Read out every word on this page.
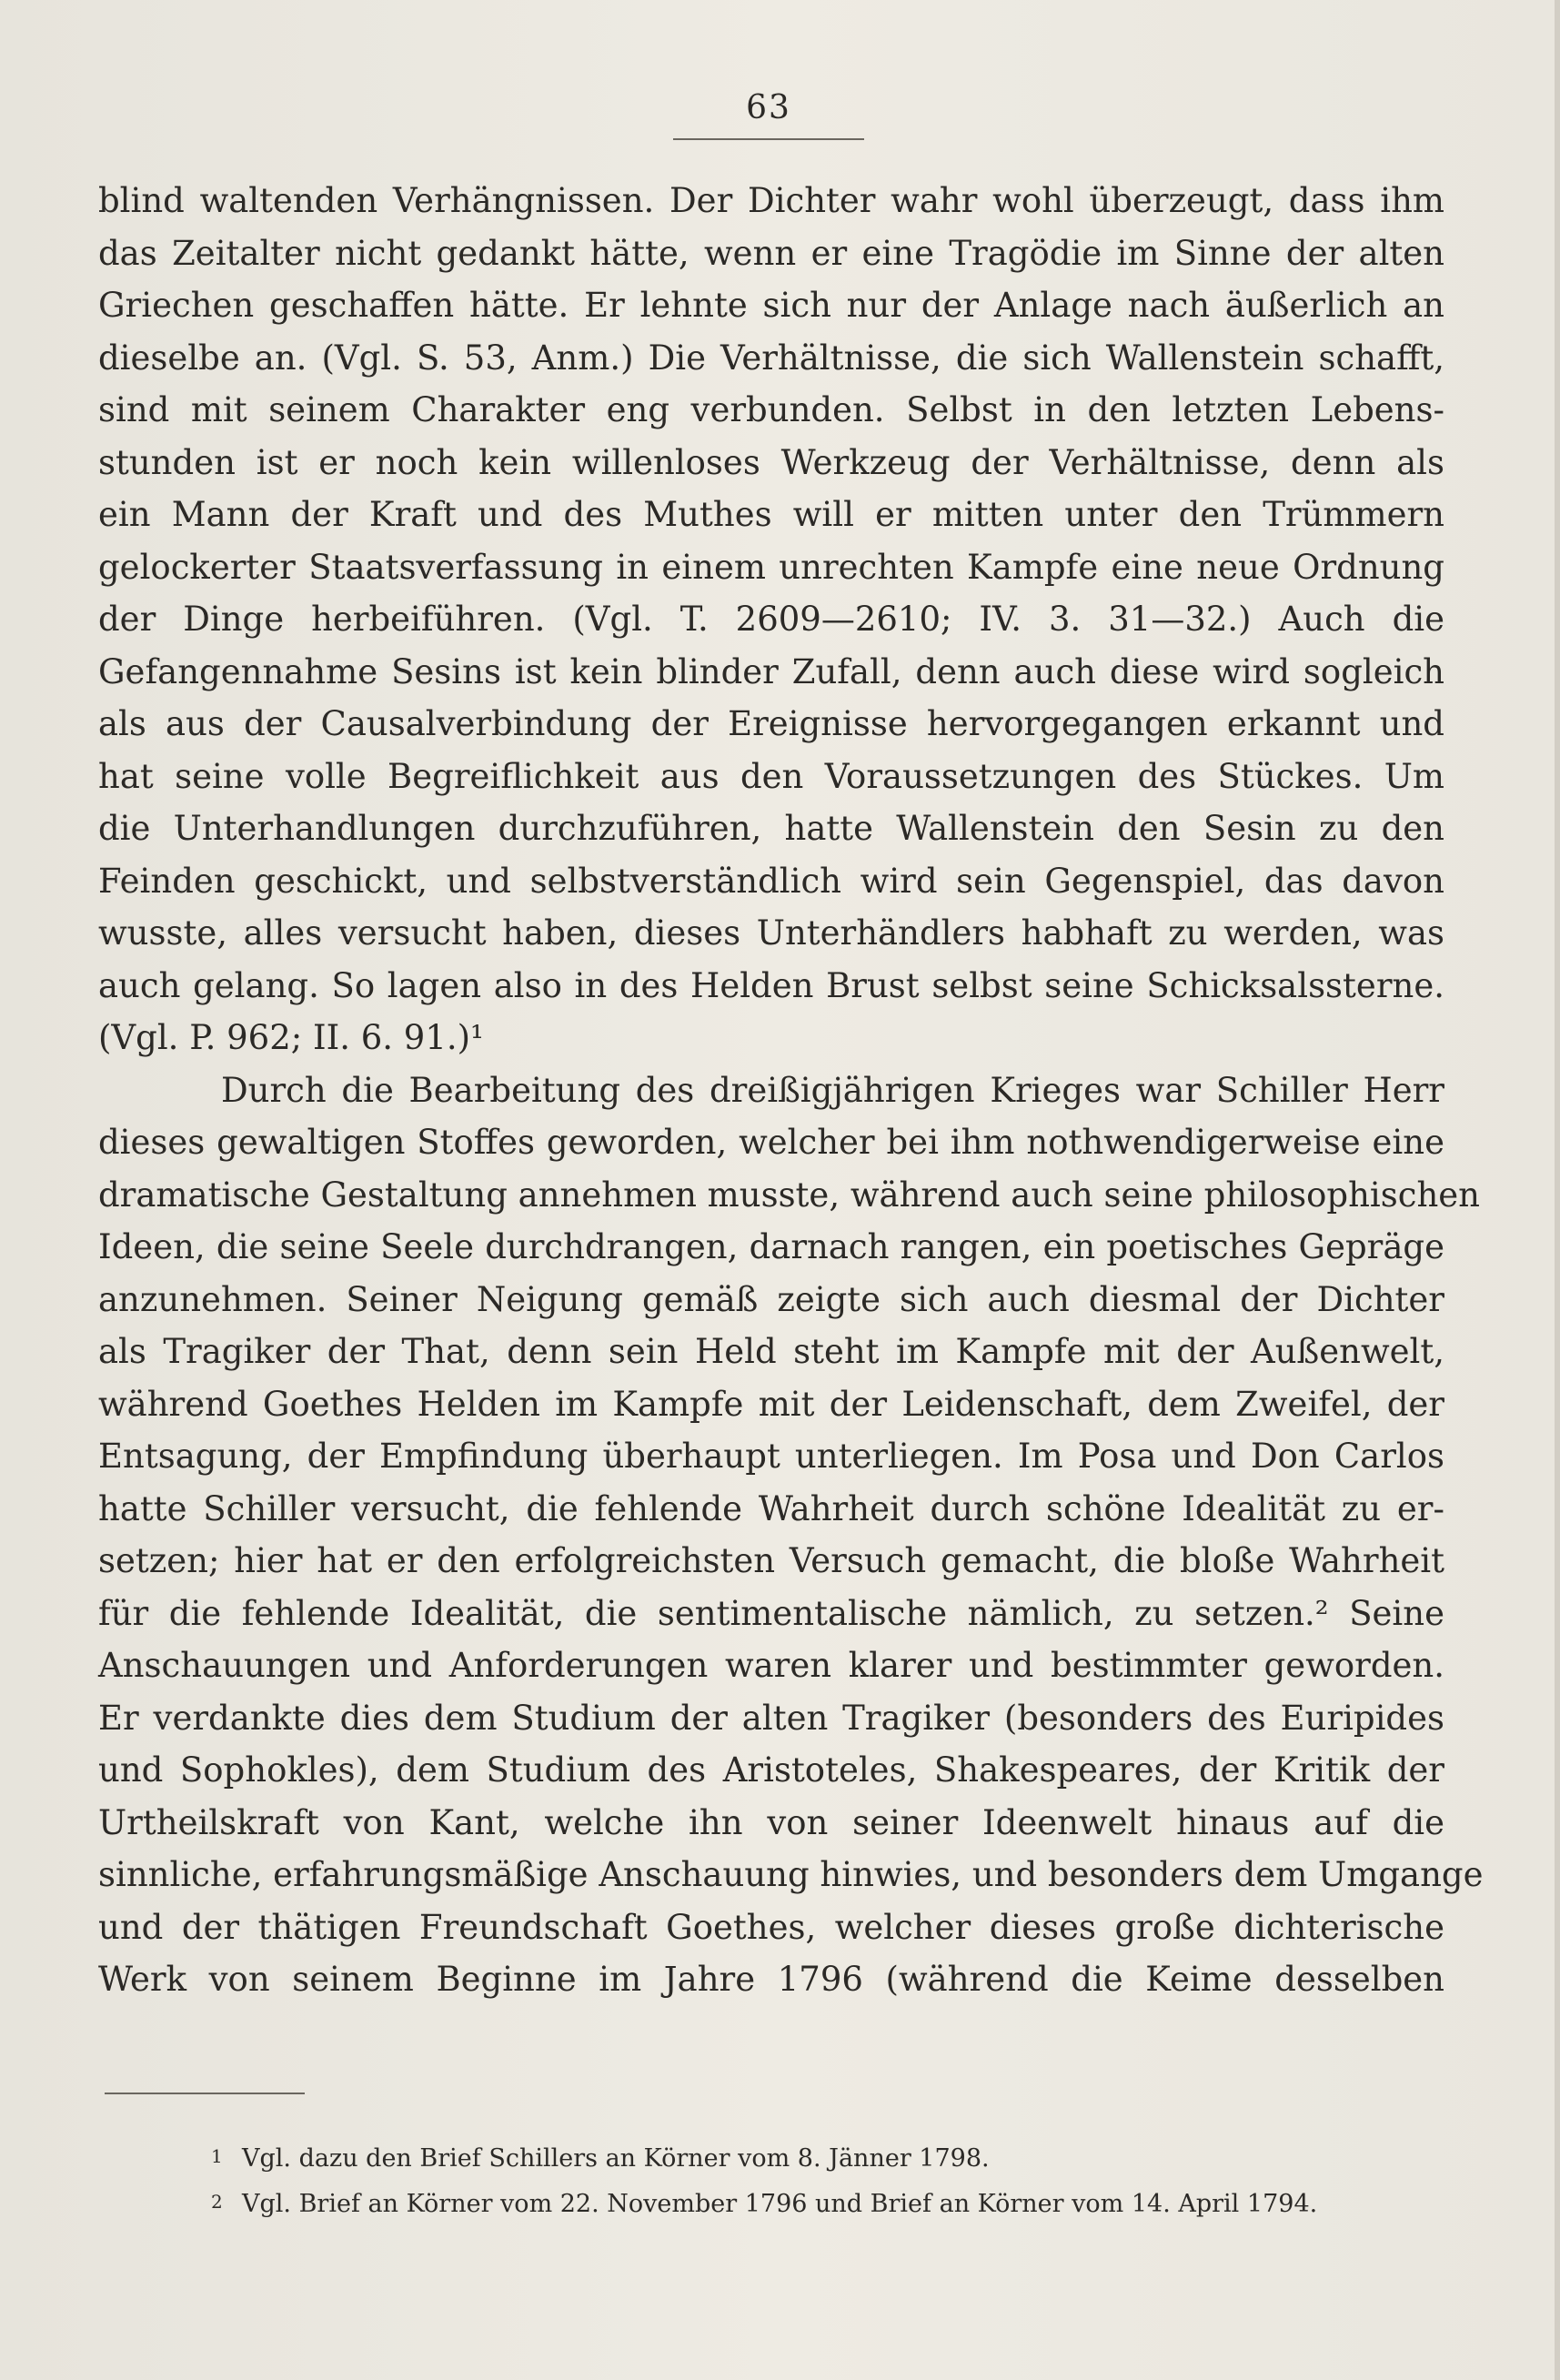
63
blind waltenden Verhängnissen. Der Dichter wahr wohl überzeugt, dass ihm
das Zeitalter nicht gedankt hätte, wenn er eine Tragödie im Sinne der alten
Griechen geschaffen hätte. Er lehnte sich nur der Anlage nach äußerlich an
dieselbe an. (Vgl. S. 53, Anm.) Die Verhältnisse, die sich Wallenstein schafft,
sind mit seinem Charakter eng verbunden. Selbst in den letzten Lebens-
stunden ist er noch kein willenloses Werkzeug der Verhältnisse, denn als
ein Mann der Kraft und des Muthes will er mitten unter den Trümmern
gelockerter Staatsverfassung in einem unrechten Kampfe eine neue Ordnung
der Dinge herbeiführen. (Vgl. T. 2609—2610; IV. 3. 31—32.) Auch die
Gefangennahme Sesins ist kein blinder Zufall, denn auch diese wird sogleich
als aus der Causalverbindung der Ereignisse hervorgegangen erkannt und
hat seine volle Begreiflichkeit aus den Voraussetzungen des Stückes. Um
die Unterhandlungen durchzuführen, hatte Wallenstein den Sesin zu den
Feinden geschickt, und selbstverständlich wird sein Gegenspiel, das davon
wusste, alles versucht haben, dieses Unterhändlers habhaft zu werden, was
auch gelang. So lagen also in des Helden Brust selbst seine Schicksalssterne.
(Vgl. P. 962; II. 6. 91.)¹
Durch die Bearbeitung des dreißigjährigen Krieges war Schiller Herr
dieses gewaltigen Stoffes geworden, welcher bei ihm nothwendigerweise eine
dramatische Gestaltung annehmen musste, während auch seine philosophischen
Ideen, die seine Seele durchdrangen, darnach rangen, ein poetisches Gepräge
anzunehmen. Seiner Neigung gemäß zeigte sich auch diesmal der Dichter
als Tragiker der That, denn sein Held steht im Kampfe mit der Außenwelt,
während Goethes Helden im Kampfe mit der Leidenschaft, dem Zweifel, der
Entsagung, der Empfindung überhaupt unterliegen. Im Posa und Don Carlos
hatte Schiller versucht, die fehlende Wahrheit durch schöne Idealität zu er-
setzen; hier hat er den erfolgreichsten Versuch gemacht, die bloße Wahrheit
für die fehlende Idealität, die sentimentalische nämlich, zu setzen.² Seine
Anschauungen und Anforderungen waren klarer und bestimmter geworden.
Er verdankte dies dem Studium der alten Tragiker (besonders des Euripides
und Sophokles), dem Studium des Aristoteles, Shakespeares, der Kritik der
Urtheilskraft von Kant, welche ihn von seiner Ideenwelt hinaus auf die
sinnliche, erfahrungsmäßige Anschauung hinwies, und besonders dem Umgange
und der thätigen Freundschaft Goethes, welcher dieses große dichterische
Werk von seinem Beginne im Jahre 1796 (während die Keime desselben
1 Vgl. dazu den Brief Schillers an Körner vom 8. Jänner 1798.
2 Vgl. Brief an Körner vom 22. November 1796 und Brief an Körner vom 14. April 1794.
